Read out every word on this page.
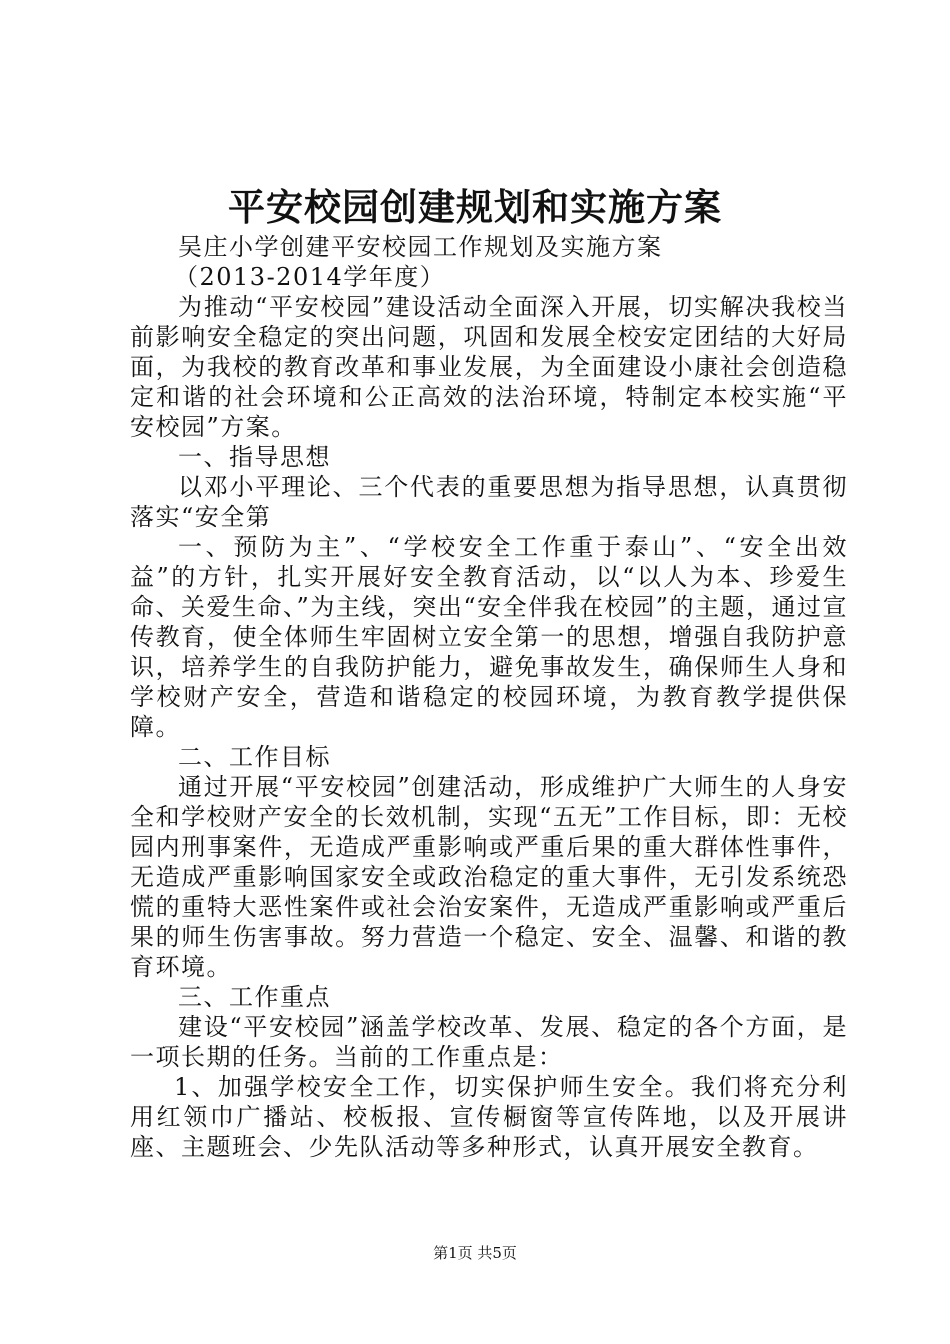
平安校园创建规划和实施方案

吴庄小学创建平安校园工作规划及实施方案

（2013-2014学年度）

为推动“平安校园”建设活动全面深入开展，切实解决我校当前影响安全稳定的突出问题，巩固和发展全校安定团结的大好局面，为我校的教育改革和事业发展，为全面建设小康社会创造稳定和谐的社会环境和公正高效的法治环境，特制定本校实施“平安校园”方案。

一、指导思想

以邓小平理论、三个代表的重要思想为指导思想，认真贯彻落实“安全第

一、预防为主”、“学校安全工作重于泰山”、“安全出效益”的方针，扎实开展好安全教育活动，以“以人为本、珍爱生命、关爱生命、”为主线，突出“安全伴我在校园”的主题，通过宣传教育，使全体师生牢固树立安全第一的思想，增强自我防护意识，培养学生的自我防护能力，避免事故发生，确保师生人身和学校财产安全，营造和谐稳定的校园环境，为教育教学提供保障。

二、工作目标

通过开展“平安校园”创建活动，形成维护广大师生的人身安全和学校财产安全的长效机制，实现“五无”工作目标，即：无校园内刑事案件，无造成严重影响或严重后果的重大群体性事件，无造成严重影响国家安全或政治稳定的重大事件，无引发系统恐慌的重特大恶性案件或社会治安案件，无造成严重影响或严重后果的师生伤害事故。努力营造一个稳定、安全、温馨、和谐的教育环境。

三、工作重点

建设“平安校园”涵盖学校改革、发展、稳定的各个方面，是一项长期的任务。当前的工作重点是：

1、加强学校安全工作，切实保护师生安全。我们将充分利用红领巾广播站、校板报、宣传橱窗等宣传阵地，以及开展讲座、主题班会、少先队活动等多种形式，认真开展安全教育。

第1页 共5页
